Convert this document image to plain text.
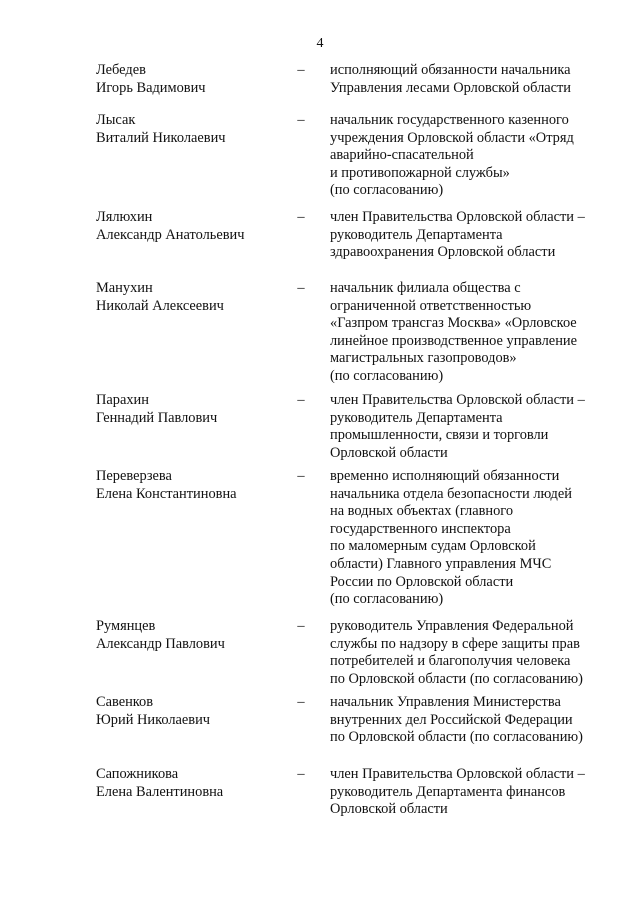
4
Лебедев
Игорь Вадимович
– исполняющий обязанности начальника
Управления лесами Орловской области
Лысак
Виталий Николаевич
– начальник государственного казенного
учреждения Орловской области «Отряд
аварийно-спасательной
и противопожарной службы»
(по согласованию)
Лялюхин
Александр Анатольевич
– член Правительства Орловской области –
руководитель Департамента
здравоохранения Орловской области
Манухин
Николай Алексеевич
– начальник филиала общества с
ограниченной ответственностью
«Газпром трансгаз Москва» «Орловское
линейное производственное управление
магистральных газопроводов»
(по согласованию)
Парахин
Геннадий Павлович
– член Правительства Орловской области –
руководитель Департамента
промышленности, связи и торговли
Орловской области
Переверзева
Елена Константиновна
– временно исполняющий обязанности
начальника отдела безопасности людей
на водных объектах (главного
государственного инспектора
по маломерным судам Орловской
области) Главного управления МЧС
России по Орловской области
(по согласованию)
Румянцев
Александр Павлович
– руководитель Управления Федеральной
службы по надзору в сфере защиты прав
потребителей и благополучия человека
по Орловской области (по согласованию)
Савенков
Юрий Николаевич
– начальник Управления Министерства
внутренних дел Российской Федерации
по Орловской области (по согласованию)
Сапожникова
Елена Валентиновна
– член Правительства Орловской области –
руководитель Департамента финансов
Орловской области
